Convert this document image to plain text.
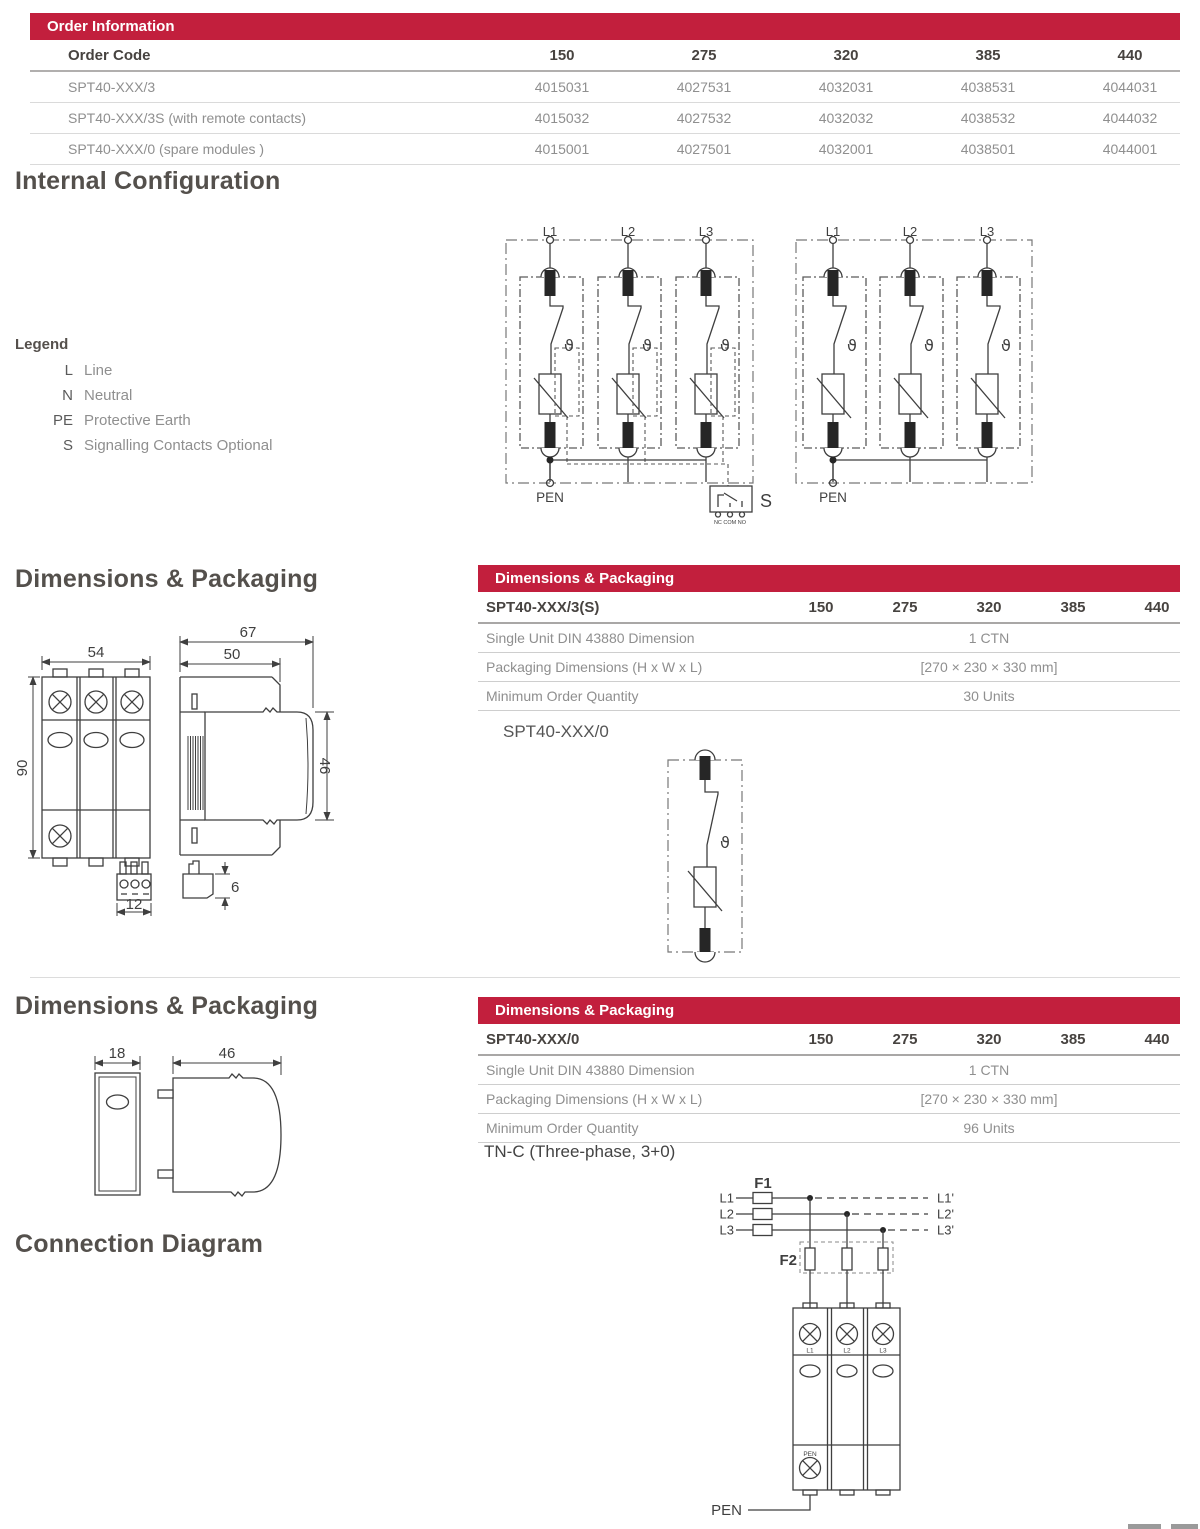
Order Information
Order Code	150	275	320	385	440
SPT40-XXX/3	4015031	4027531	4032031	4038531	4044031
SPT40-XXX/3S (with remote contacts)	4015032	4027532	4032032	4038532	4044032
SPT40-XXX/0 (spare modules )	4015001	4027501	4032001	4038501	4044001
Internal Configuration
Legend
L Line
N Neutral
PE Protective Earth
S Signalling Contacts Optional
L1	L2	L3
ϑ	ϑ	ϑ
PEN
NC COM NO
S
L1	L2	L3
ϑ	ϑ	ϑ
PEN
Dimensions & Packaging	Dimensions & Packaging
SPT40-XXX/3(S)	150	275	320	385	440
Single Unit DIN 43880 Dimension	1 CTN
Packaging Dimensions (H x W x L)	[270 × 230 × 330 mm]
Minimum Order Quantity	30 Units
54
90
67
50
46
12
6
SPT40-XXX/0
ϑ
Dimensions & Packaging	Dimensions & Packaging
SPT40-XXX/0	150	275	320	385	440
Single Unit DIN 43880 Dimension	1 CTN
Packaging Dimensions (H x W x L)	[270 × 230 × 330 mm]
Minimum Order Quantity	96 Units
18	46
TN-C (Three-phase, 3+0)
Connection Diagram
F1
L1
L2
L3
L1'
L2'
L3'
F2
L1	L2	L3
PEN
PEN
